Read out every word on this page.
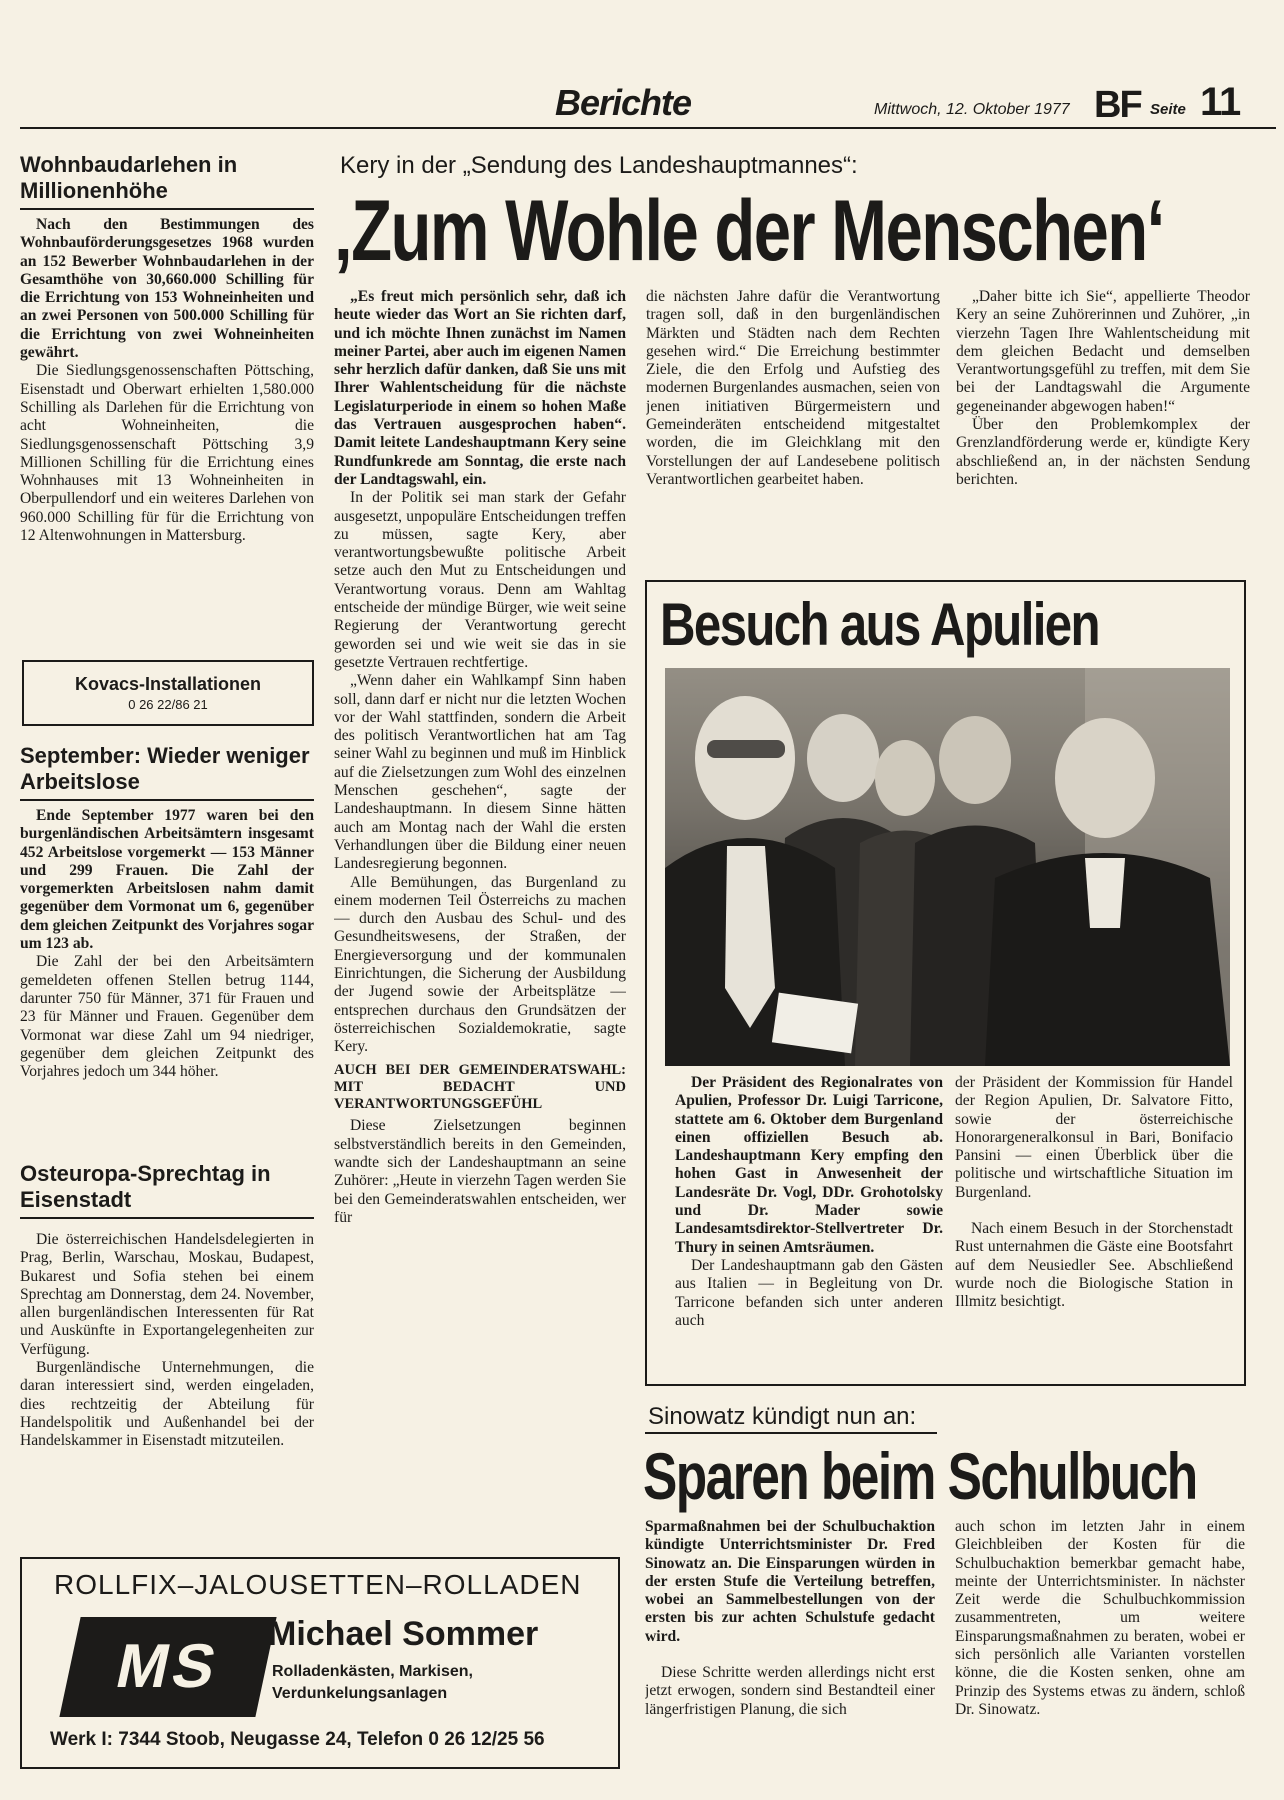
Berichte	Mittwoch, 12. Oktober 1977 BF Seite 11
Wohnbaudarlehen in Millionenhöhe

Nach den Bestimmungen des Wohnbauförderungsgesetzes 1968 wurden an 152 Bewerber Wohnbaudarlehen in der Gesamthöhe von 30,660.000 Schilling für die Errichtung von 153 Wohneinheiten und an zwei Personen von 500.000 Schilling für die Errichtung von zwei Wohneinheiten gewährt.

Die Siedlungsgenossenschaften Pöttsching, Eisenstadt und Oberwart erhielten 1,580.000 Schilling als Darlehen für die Errichtung von acht Wohneinheiten, die Siedlungsgenossenschaft Pöttsching 3,9 Millionen Schilling für die Errichtung eines Wohnhauses mit 13 Wohneinheiten in Oberpullendorf und ein weiteres Darlehen von 960.000 Schilling für für die Errichtung von 12 Altenwohnungen in Mattersburg.

Kovacs-Installationen
0 26 22/86 21
September: Wieder weniger Arbeitslose

Ende September 1977 waren bei den burgenländischen Arbeitsämtern insgesamt 452 Arbeitslose vorgemerkt — 153 Männer und 299 Frauen. Die Zahl der vorgemerkten Arbeitslosen nahm damit gegenüber dem Vormonat um 6, gegenüber dem gleichen Zeitpunkt des Vorjahres sogar um 123 ab.

Die Zahl der bei den Arbeitsämtern gemeldeten offenen Stellen betrug 1144, darunter 750 für Männer, 371 für Frauen und 23 für Männer und Frauen. Gegenüber dem Vormonat war diese Zahl um 94 niedriger, gegenüber dem gleichen Zeitpunkt des Vorjahres jedoch um 344 höher.

Osteuropa-Sprechtag in Eisenstadt

Die österreichischen Handelsdelegierten in Prag, Berlin, Warschau, Moskau, Budapest, Bukarest und Sofia stehen bei einem Sprechtag am Donnerstag, dem 24. November, allen burgenländischen Interessenten für Rat und Auskünfte in Exportangelegenheiten zur Verfügung.

Burgenländische Unternehmungen, die daran interessiert sind, werden eingeladen, dies rechtzeitig der Abteilung für Handelspolitik und Außenhandel bei der Handelskammer in Eisenstadt mitzuteilen.

Kery in der „Sendung des Landeshauptmannes“:
‚Zum Wohle der Menschen‘

„Es freut mich persönlich sehr, daß ich heute wieder das Wort an Sie richten darf, und ich möchte Ihnen zunächst im Namen meiner Partei, aber auch im eigenen Namen sehr herzlich dafür danken, daß Sie uns mit Ihrer Wahlentscheidung für die nächste Legislaturperiode in einem so hohen Maße das Vertrauen ausgesprochen haben“. Damit leitete Landeshauptmann Kery seine Rundfunkrede am Sonntag, die erste nach der Landtagswahl, ein.

In der Politik sei man stark der Gefahr ausgesetzt, unpopuläre Entscheidungen treffen zu müssen, sagte Kery, aber verantwortungsbewußte politische Arbeit setze auch den Mut zu Entscheidungen und Verantwortung voraus. Denn am Wahltag entscheide der mündige Bürger, wie weit seine Regierung der Verantwortung gerecht geworden sei und wie weit sie das in sie gesetzte Vertrauen rechtfertige.

„Wenn daher ein Wahlkampf Sinn haben soll, dann darf er nicht nur die letzten Wochen vor der Wahl stattfinden, sondern die Arbeit des politisch Verantwortlichen hat am Tag seiner Wahl zu beginnen und muß im Hinblick auf die Zielsetzungen zum Wohl des einzelnen Menschen geschehen“, sagte der Landeshauptmann. In diesem Sinne hätten auch am Montag nach der Wahl die ersten Verhandlungen über die Bildung einer neuen Landesregierung begonnen.

Alle Bemühungen, das Burgenland zu einem modernen Teil Österreichs zu machen — durch den Ausbau des Schul- und des Gesundheitswesens, der Straßen, der Energieversorgung und der kommunalen Einrichtungen, die Sicherung der Ausbildung der Jugend sowie der Arbeitsplätze — entsprechen durchaus den Grundsätzen der österreichischen Sozialdemokratie, sagte Kery.

AUCH BEI DER GEMEINDERATSWAHL: MIT BEDACHT UND VERANTWORTUNGSGEFÜHL

Diese Zielsetzungen beginnen selbstverständlich bereits in den Gemeinden, wandte sich der Landeshauptmann an seine Zuhörer: „Heute in vierzehn Tagen werden Sie bei den Gemeinderatswahlen entscheiden, wer für

die nächsten Jahre dafür die Verantwortung tragen soll, daß in den burgenländischen Märkten und Städten nach dem Rechten gesehen wird.“ Die Erreichung bestimmter Ziele, die den Erfolg und Aufstieg des modernen Burgenlandes ausmachen, seien von jenen initiativen Bürgermeistern und Gemeinderäten entscheidend mitgestaltet worden, die im Gleichklang mit den Vorstellungen der auf Landesebene politisch Verantwortlichen gearbeitet haben.

„Daher bitte ich Sie“, appellierte Theodor Kery an seine Zuhörerinnen und Zuhörer, „in vierzehn Tagen Ihre Wahlentscheidung mit dem gleichen Bedacht und demselben Verantwortungsgefühl zu treffen, mit dem Sie bei der Landtagswahl die Argumente gegeneinander abgewogen haben!“

Über den Problemkomplex der Grenzlandförderung werde er, kündigte Kery abschließend an, in der nächsten Sendung berichten.

Besuch aus Apulien

Der Präsident des Regionalrates von Apulien, Professor Dr. Luigi Tarricone, stattete am 6. Oktober dem Burgenland einen offiziellen Besuch ab. Landeshauptmann Kery empfing den hohen Gast in Anwesenheit der Landesräte Dr. Vogl, DDr. Grohotolsky und Dr. Mader sowie Landesamtsdirektor-Stellvertreter Dr. Thury in seinen Amtsräumen.

Der Landeshauptmann gab den Gästen aus Italien — in Begleitung von Dr. Tarricone befanden sich unter anderen auch

der Präsident der Kommission für Handel der Region Apulien, Dr. Salvatore Fitto, sowie der österreichische Honorargeneralkonsul in Bari, Bonifacio Pansini — einen Überblick über die politische und wirtschaftliche Situation im Burgenland.

Nach einem Besuch in der Storchenstadt Rust unternahmen die Gäste eine Bootsfahrt auf dem Neusiedler See. Abschließend wurde noch die Biologische Station in Illmitz besichtigt.

Sinowatz kündigt nun an:
Sparen beim Schulbuch

Sparmaßnahmen bei der Schulbuchaktion kündigte Unterrichtsminister Dr. Fred Sinowatz an. Die Einsparungen würden in der ersten Stufe die Verteilung betreffen, wobei an Sammelbestellungen von der ersten bis zur achten Schulstufe gedacht wird.

Diese Schritte werden allerdings nicht erst jetzt erwogen, sondern sind Bestandteil einer längerfristigen Planung, die sich

auch schon im letzten Jahr in einem Gleichbleiben der Kosten für die Schulbuchaktion bemerkbar gemacht habe, meinte der Unterrichtsminister. In nächster Zeit werde die Schulbuchkommission zusammentreten, um weitere Einsparungsmaßnahmen zu beraten, wobei er sich persönlich alle Varianten vorstellen könne, die die Kosten senken, ohne am Prinzip des Systems etwas zu ändern, schloß Dr. Sinowatz.

ROLLFIX–JALOUSETTEN–ROLLADEN
MS	Michael Sommer
Rolladenkästen, Markisen,
Verdunkelungsanlagen
Werk I: 7344 Stoob, Neugasse 24, Telefon 0 26 12/25 56
